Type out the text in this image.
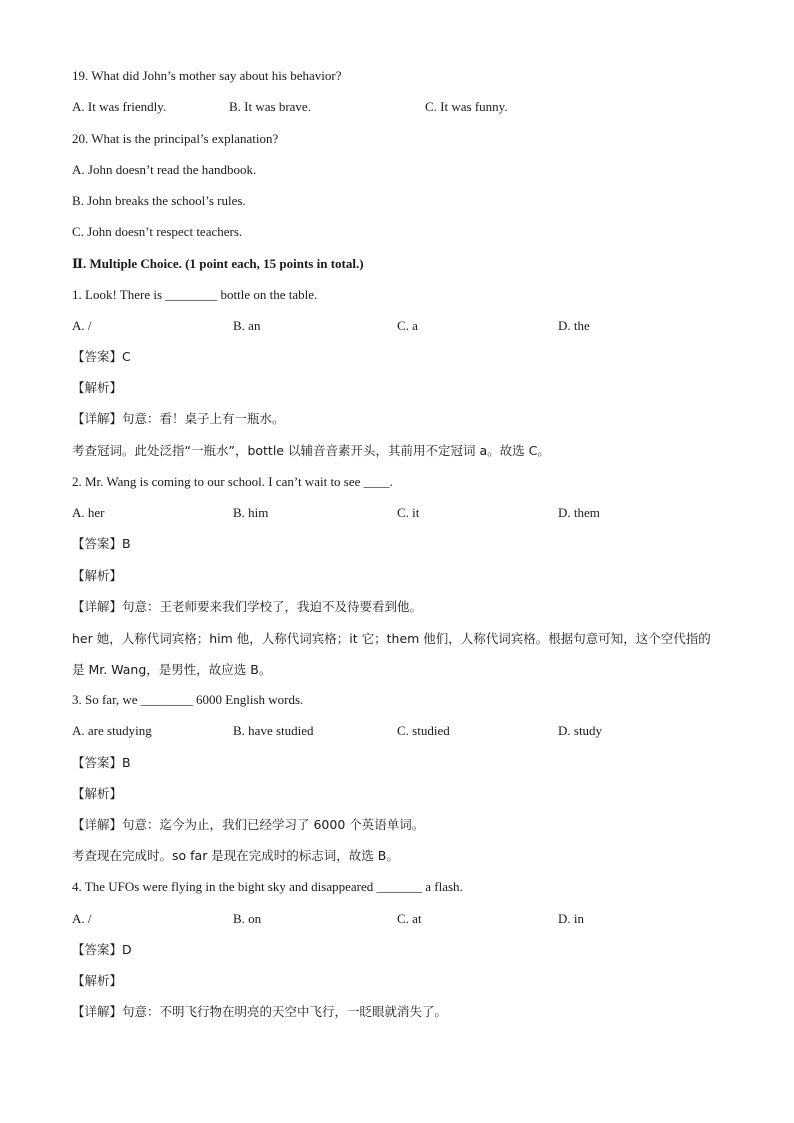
19. What did John’s mother say about his behavior?
A. It was friendly.	B. It was brave.	C. It was funny.
20. What is the principal’s explanation?
A. John doesn’t read the handbook.
B. John breaks the school’s rules.
C. John doesn’t respect teachers.
Ⅱ. Multiple Choice. (1 point each, 15 points in total.)
1. Look! There is ________ bottle on the table.
A. /	B. an	C. a	D. the
【答案】C
【解析】
【详解】句意：看！桌子上有一瓶水。
考查冠词。此处泛指“一瓶水”，bottle 以辅音音素开头，其前用不定冠词 a。故选 C。
2. Mr. Wang is coming to our school. I can’t wait to see ____.
A. her	B. him	C. it	D. them
【答案】B
【解析】
【详解】句意：王老师要来我们学校了，我迫不及待要看到他。
her 她，人称代词宾格；him 他，人称代词宾格；it 它；them 他们，人称代词宾格。根据句意可知，这个空代指的是 Mr. Wang，是男性，故应选 B。
3. So far, we ________ 6000 English words.
A. are studying	B. have studied	C. studied	D. study
【答案】B
【解析】
【详解】句意：迄今为止，我们已经学习了 6000 个英语单词。
考查现在完成时。so far 是现在完成时的标志词，故选 B。
4. The UFOs were flying in the bight sky and disappeared _______ a flash.
A. /	B. on	C. at	D. in
【答案】D
【解析】
【详解】句意：不明飞行物在明亮的天空中飞行，一眨眼就消失了。
